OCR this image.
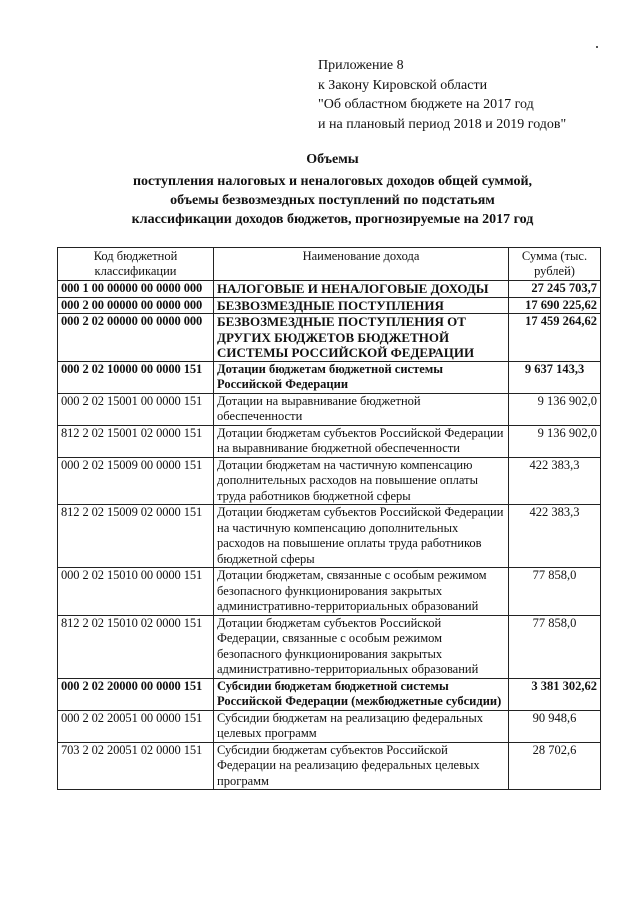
Приложение 8
к Закону Кировской области
"Об областном бюджете на 2017 год
и на плановый период 2018 и 2019 годов"
Объемы
поступления налоговых и неналоговых доходов общей суммой,
объемы безвозмездных поступлений по подстатьям
классификации доходов бюджетов, прогнозируемые на 2017 год
Код бюджетной классификации	Наименование дохода	Сумма (тыс. рублей)
000 1 00 00000 00 0000 000	НАЛОГОВЫЕ И НЕНАЛОГОВЫЕ ДОХОДЫ	27 245 703,7
000 2 00 00000 00 0000 000	БЕЗВОЗМЕЗДНЫЕ ПОСТУПЛЕНИЯ	17 690 225,62
000 2 02 00000 00 0000 000	БЕЗВОЗМЕЗДНЫЕ ПОСТУПЛЕНИЯ ОТ ДРУГИХ БЮДЖЕТОВ БЮДЖЕТНОЙ СИСТЕМЫ РОССИЙСКОЙ ФЕДЕРАЦИИ	17 459 264,62
000 2 02 10000 00 0000 151	Дотации бюджетам бюджетной системы Российской Федерации	9 637 143,3
000 2 02 15001 00 0000 151	Дотации на выравнивание бюджетной обеспеченности	9 136 902,0
812 2 02 15001 02 0000 151	Дотации бюджетам субъектов Российской Федерации на выравнивание бюджетной обеспеченности	9 136 902,0
000 2 02 15009 00 0000 151	Дотации бюджетам на частичную компенсацию дополнительных расходов на повышение оплаты труда работников бюджетной сферы	422 383,3
812 2 02 15009 02 0000 151	Дотации бюджетам субъектов Российской Федерации на частичную компенсацию дополнительных расходов на повышение оплаты труда работников бюджетной сферы	422 383,3
000 2 02 15010 00 0000 151	Дотации бюджетам, связанные с особым режимом безопасного функционирования закрытых административно-территориальных образований	77 858,0
812 2 02 15010 02 0000 151	Дотации бюджетам субъектов Российской Федерации, связанные с особым режимом безопасного функционирования закрытых административно-территориальных образований	77 858,0
000 2 02 20000 00 0000 151	Субсидии бюджетам бюджетной системы Российской Федерации (межбюджетные субсидии)	3 381 302,62
000 2 02 20051 00 0000 151	Субсидии бюджетам на реализацию федеральных целевых программ	90 948,6
703 2 02 20051 02 0000 151	Субсидии бюджетам субъектов Российской Федерации на реализацию федеральных целевых программ	28 702,6
